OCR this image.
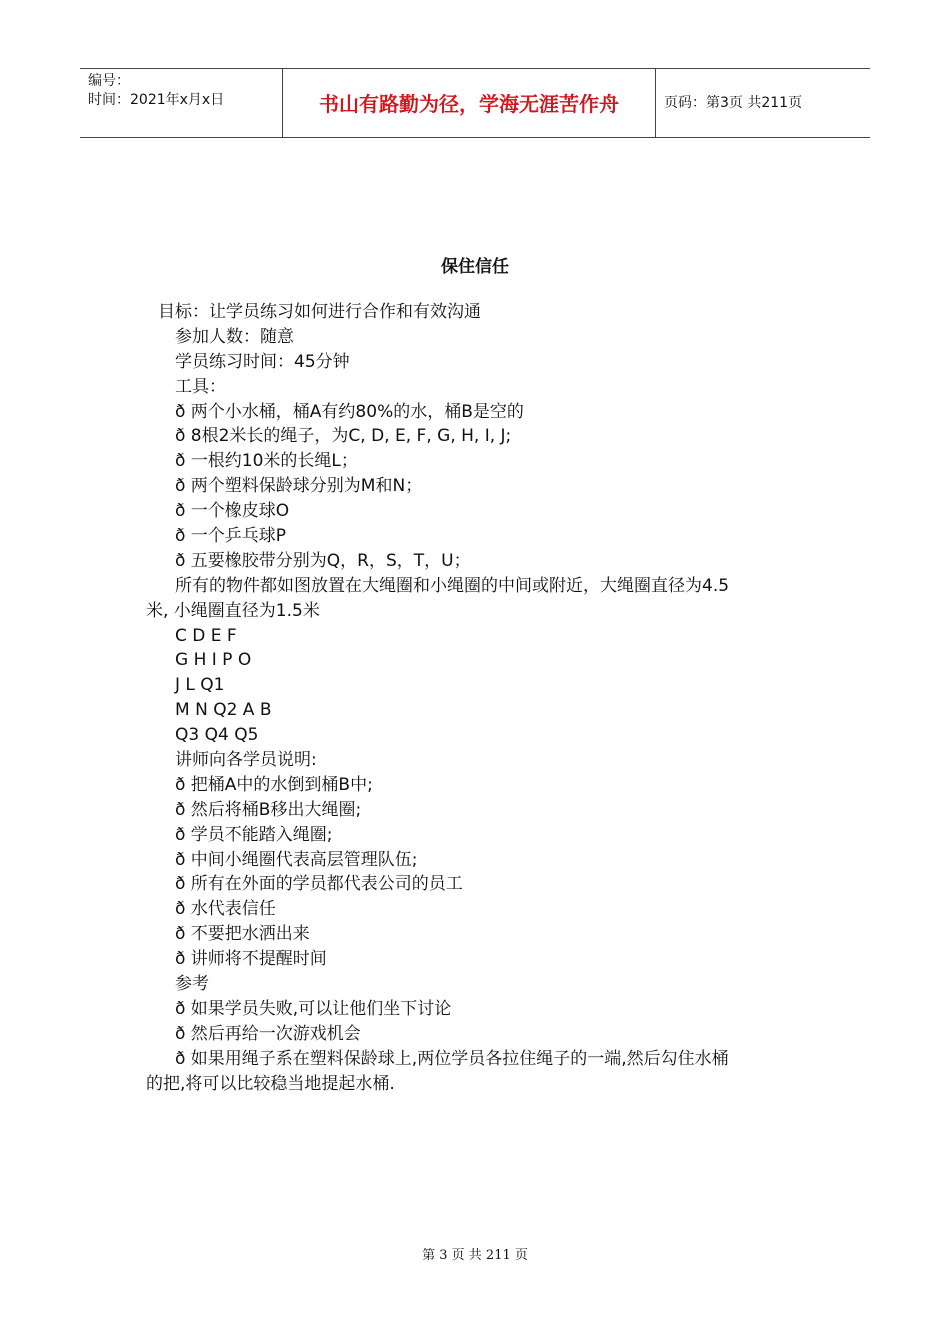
编号：
时间：2021年x月x日	书山有路勤为径，学海无涯苦作舟	页码：第3页 共211页
保住信任
目标：让学员练习如何进行合作和有效沟通
参加人数：随意
学员练习时间：45分钟
工具：
ð 两个小水桶，桶A有约80%的水，桶B是空的
ð 8根2米长的绳子，为C, D, E, F, G, H, I, J;
ð 一根约10米的长绳L；
ð 两个塑料保龄球分别为M和N；
ð 一个橡皮球O
ð 一个乒乓球P
ð 五要橡胶带分别为Q，R，S，T，U；
所有的物件都如图放置在大绳圈和小绳圈的中间或附近，大绳圈直径为4.5
米, 小绳圈直径为1.5米
C D E F
G H I P O
J L Q1
M N Q2 A B
Q3 Q4 Q5
讲师向各学员说明:
ð 把桶A中的水倒到桶B中;
ð 然后将桶B移出大绳圈;
ð 学员不能踏入绳圈;
ð 中间小绳圈代表高层管理队伍;
ð 所有在外面的学员都代表公司的员工
ð 水代表信任
ð 不要把水洒出来
ð 讲师将不提醒时间
参考
ð 如果学员失败,可以让他们坐下讨论
ð 然后再给一次游戏机会
ð 如果用绳子系在塑料保龄球上,两位学员各拉住绳子的一端,然后勾住水桶
的把,将可以比较稳当地提起水桶.
第 3 页 共 211 页
